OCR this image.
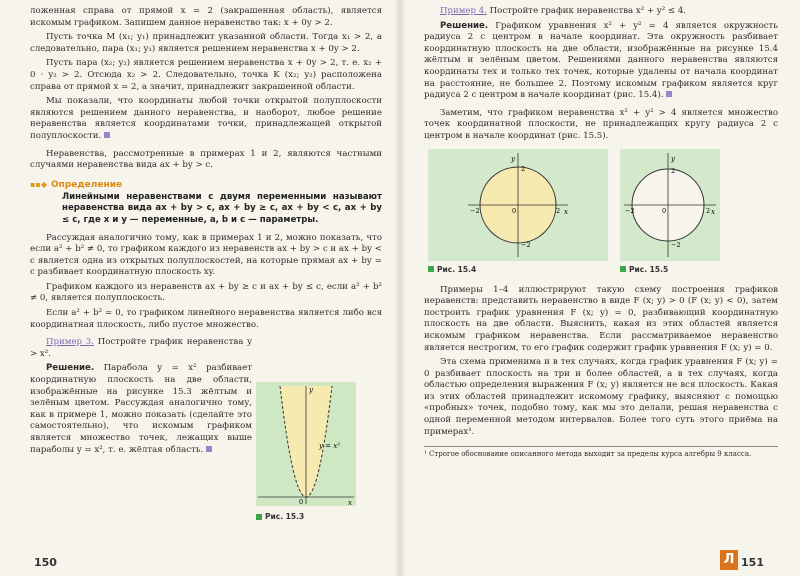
ложенная справа от прямой x = 2 (закрашенная область), является искомым графиком. Запишем данное неравенство так: x + 0y > 2.

Пусть точка M (x₁; y₁) принадлежит указанной области. Тогда x₁ > 2, а следовательно, пара (x₁; y₁) является решением неравенства x + 0y > 2.

Пусть пара (x₂; y₂) является решением неравенства x + 0y > 2, т. е. x₂ + 0 · y₂ > 2. Отсюда x₂ > 2. Следовательно, точка K (x₂; y₂) расположена справа от прямой x = 2, а значит, принадлежит закрашенной области.

Мы показали, что координаты любой точки открытой полуплоскости являются решением данного неравенства, и наоборот, любое решение неравенства является координатами точки, принадлежащей открытой полуплоскости.

Неравенства, рассмотренные в примерах 1 и 2, являются частными случаями неравенства вида ax + by > c.

▪▪◆ Определение
Линейными неравенствами с двумя переменными называют неравенства вида ax + by > c, ax + by ≥ c, ax + by < c, ax + by ≤ c, где x и y — переменные, a, b и c — параметры.

Рассуждая аналогично тому, как в примерах 1 и 2, можно показать, что если a² + b² ≠ 0, то графиком каждого из неравенств ax + by > c и ax + by < c является одна из открытых полуплоскостей, на которые прямая ax + by = c разбивает координатную плоскость xy.

Графиком каждого из неравенств ax + by ≥ c и ax + by ≤ c, если a² + b² ≠ 0, является полуплоскость.

Если a² + b² = 0, то графиком линейного неравенства является либо вся координатная плоскость, либо пустое множество.

Пример 3. Постройте график неравенства y > x².

Решение. Парабола y = x² разбивает координатную плоскость на две области, изображённые на рисунке 15.3 жёлтым и зелёным цветом. Рассуждая аналогично тому, как в примере 1, можно показать (сделайте это самостоятельно), что искомым графиком является множество точек, лежащих выше параболы y = x², т. е. жёлтая область.

y
x
0
y = x²
Рис. 15.3
150

Пример 4. Постройте график неравенства x² + y² ≤ 4.

Решение. Графиком уравнения x² + y² = 4 является окружность радиуса 2 с центром в начале координат. Эта окружность разбивает координатную плоскость на две области, изображённые на рисунке 15.4 жёлтым и зелёным цветом. Решениями данного неравенства являются координаты тех и только тех точек, которые удалены от начала координат на расстояние, не большее 2. Поэтому искомым графиком является круг радиуса 2 с центром в начале координат (рис. 15.4).

Заметим, что графиком неравенства x² + y² > 4 является множество точек координатной плоскости, не принадлежащих кругу радиуса 2 с центром в начале координат (рис. 15.5).

y
x
0
2
−2
−2	2
Рис. 15.4
y
x
0
2
−2
−2	2
Рис. 15.5

Примеры 1–4 иллюстрируют такую схему построения графиков неравенств: представить неравенство в виде F (x; y) > 0 (F (x; y) < 0), затем построить график уравнения F (x; y) = 0, разбивающий координатную плоскость на две области. Выяснить, какая из этих областей является искомым графиком неравенства. Если рассматриваемое неравенство является нестрогим, то его график содержит график уравнения F (x; y) = 0.

Эта схема применима и в тех случаях, когда график уравнения F (x; y) = 0 разбивает плоскость на три и более областей, а в тех случаях, когда областью определения выражения F (x; y) является не вся плоскость. Какая из этих областей принадлежит искомому графику, выясняют с помощью «пробных» точек, подобно тому, как мы это делали, решая неравенства с одной переменной методом интервалов. Более того суть этого приёма на примерах¹.

¹ Строгое обоснование описанного метода выходит за пределы курса алгебры 9 класса.
Л 151
